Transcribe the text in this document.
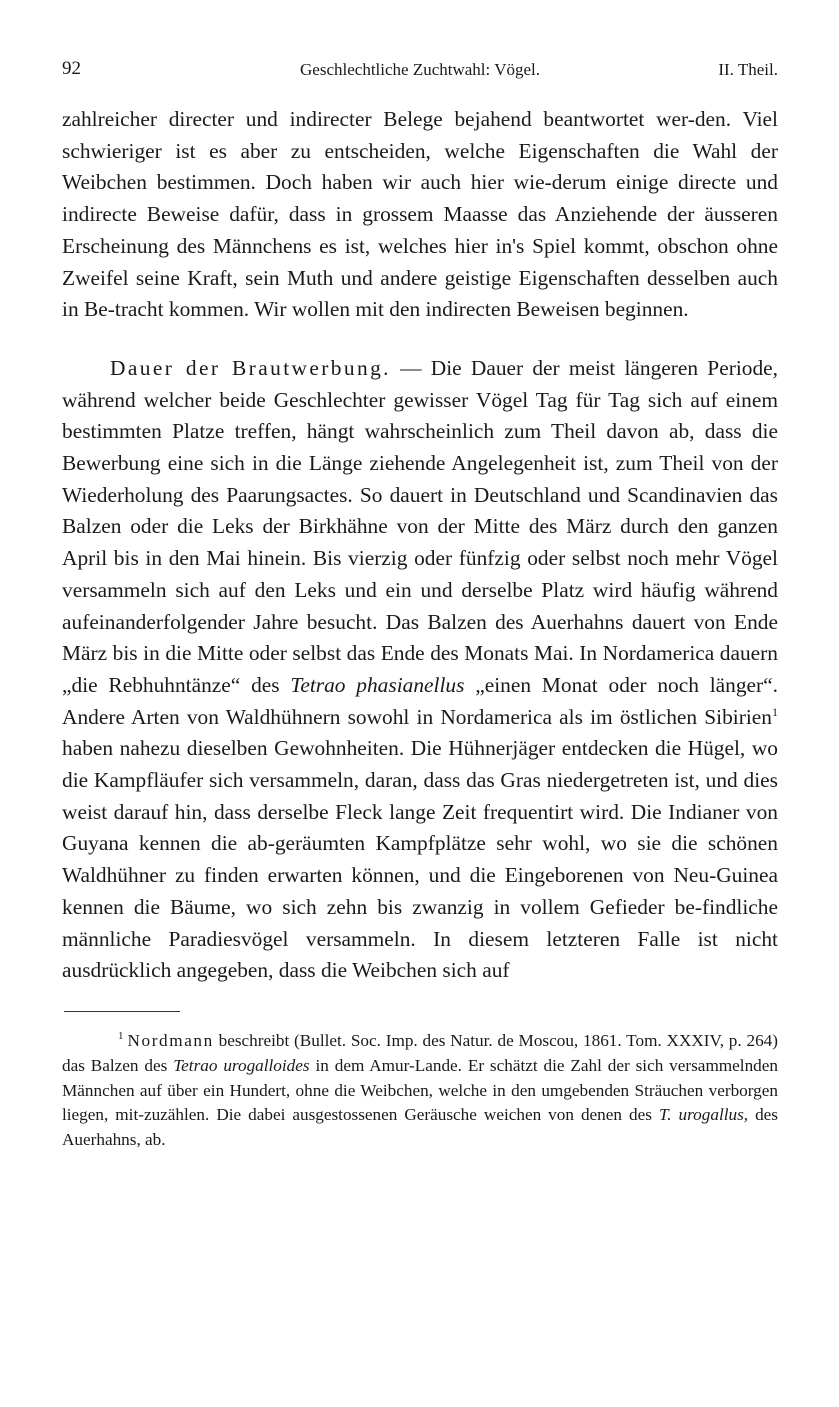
92	Geschlechtliche Zuchtwahl: Vögel.	II. Theil.

zahlreicher directer und indirecter Belege bejahend beantwortet wer-den. Viel schwieriger ist es aber zu entscheiden, welche Eigenschaften die Wahl der Weibchen bestimmen. Doch haben wir auch hier wie-derum einige directe und indirecte Beweise dafür, dass in grossem Maasse das Anziehende der äusseren Erscheinung des Männchens es ist, welches hier in's Spiel kommt, obschon ohne Zweifel seine Kraft, sein Muth und andere geistige Eigenschaften desselben auch in Be-tracht kommen. Wir wollen mit den indirecten Beweisen beginnen.

Dauer der Brautwerbung. — Die Dauer der meist längeren Periode, während welcher beide Geschlechter gewisser Vögel Tag für Tag sich auf einem bestimmten Platze treffen, hängt wahrscheinlich zum Theil davon ab, dass die Bewerbung eine sich in die Länge ziehende Angelegenheit ist, zum Theil von der Wiederholung des Paarungsactes. So dauert in Deutschland und Scandinavien das Balzen oder die Leks der Birkhähne von der Mitte des März durch den ganzen April bis in den Mai hinein. Bis vierzig oder fünfzig oder selbst noch mehr Vögel versammeln sich auf den Leks und ein und derselbe Platz wird häufig während aufeinanderfolgender Jahre besucht. Das Balzen des Auerhahns dauert von Ende März bis in die Mitte oder selbst das Ende des Monats Mai. In Nordamerica dauern „die Rebhuhntänze“ des Tetrao phasianellus „einen Monat oder noch länger“. Andere Arten von Waldhühnern sowohl in Nordamerica als im östlichen Sibirien$^1$ haben nahezu dieselben Gewohnheiten. Die Hühnerjäger entdecken die Hügel, wo die Kampfläufer sich versammeln, daran, dass das Gras niedergetreten ist, und dies weist darauf hin, dass derselbe Fleck lange Zeit frequentirt wird. Die Indianer von Guyana kennen die ab-geräumten Kampfplätze sehr wohl, wo sie die schönen Waldhühner zu finden erwarten können, und die Eingeborenen von Neu-Guinea kennen die Bäume, wo sich zehn bis zwanzig in vollem Gefieder be-findliche männliche Paradiesvögel versammeln. In diesem letzteren Falle ist nicht ausdrücklich angegeben, dass die Weibchen sich auf

$^1$ Nordmann beschreibt (Bullet. Soc. Imp. des Natur. de Moscou, 1861. Tom. XXXIV, p. 264) das Balzen des Tetrao urogalloides in dem Amur-Lande. Er schätzt die Zahl der sich versammelnden Männchen auf über ein Hundert, ohne die Weibchen, welche in den umgebenden Sträuchen verborgen liegen, mit-zuzählen. Die dabei ausgestossenen Geräusche weichen von denen des T. urogallus, des Auerhahns, ab.
